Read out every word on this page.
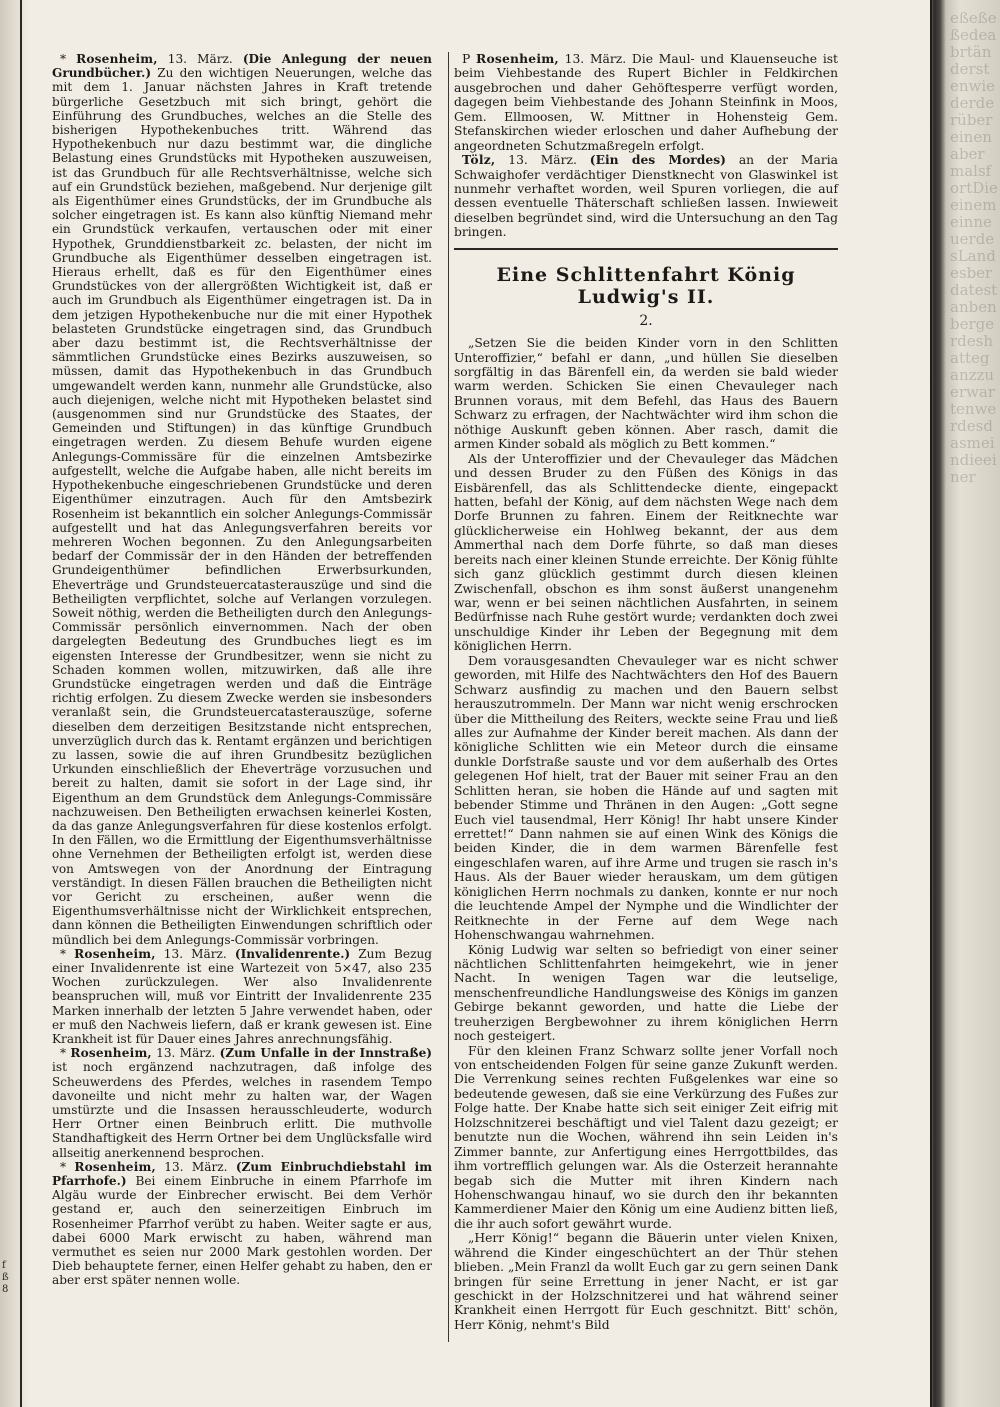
f
ß
8

* Rosenheim, 13. März. (Die Anlegung der neuen Grundbücher.) Zu den wichtigen Neuerungen, welche das mit dem 1. Januar nächsten Jahres in Kraft tretende bürgerliche Gesetzbuch mit sich bringt, gehört die Einführung des Grundbuches, welches an die Stelle des bisherigen Hypothekenbuches tritt. Während das Hypothekenbuch nur dazu bestimmt war, die dingliche Belastung eines Grundstücks mit Hypotheken auszuweisen, ist das Grundbuch für alle Rechtsverhältnisse, welche sich auf ein Grundstück beziehen, maßgebend. Nur derjenige gilt als Eigenthümer eines Grundstücks, der im Grundbuche als solcher eingetragen ist. Es kann also künftig Niemand mehr ein Grundstück verkaufen, vertauschen oder mit einer Hypothek, Grunddienstbarkeit zc. belasten, der nicht im Grundbuche als Eigenthümer desselben eingetragen ist. Hieraus erhellt, daß es für den Eigenthümer eines Grundstückes von der allergrößten Wichtigkeit ist, daß er auch im Grundbuch als Eigenthümer eingetragen ist. Da in dem jetzigen Hypothekenbuche nur die mit einer Hypothek belasteten Grundstücke eingetragen sind, das Grundbuch aber dazu bestimmt ist, die Rechtsverhältnisse der sämmtlichen Grundstücke eines Bezirks auszuweisen, so müssen, damit das Hypothekenbuch in das Grundbuch umgewandelt werden kann, nunmehr alle Grundstücke, also auch diejenigen, welche nicht mit Hypotheken belastet sind (ausgenommen sind nur Grundstücke des Staates, der Gemeinden und Stiftungen) in das künftige Grundbuch eingetragen werden. Zu diesem Behufe wurden eigene Anlegungs-Commissäre für die einzelnen Amtsbezirke aufgestellt, welche die Aufgabe haben, alle nicht bereits im Hypothekenbuche eingeschriebenen Grundstücke und deren Eigenthümer einzutragen. Auch für den Amtsbezirk Rosenheim ist bekanntlich ein solcher Anlegungs-Commissär aufgestellt und hat das Anlegungsverfahren bereits vor mehreren Wochen begonnen. Zu den Anlegungsarbeiten bedarf der Commissär der in den Händen der betreffenden Grundeigenthümer befindlichen Erwerbsurkunden, Eheverträge und Grundsteuercatasterauszüge und sind die Betheiligten verpflichtet, solche auf Verlangen vorzulegen. Soweit nöthig, werden die Betheiligten durch den Anlegungs-Commissär persönlich einvernommen. Nach der oben dargelegten Bedeutung des Grundbuches liegt es im eigensten Interesse der Grundbesitzer, wenn sie nicht zu Schaden kommen wollen, mitzuwirken, daß alle ihre Grundstücke eingetragen werden und daß die Einträge richtig erfolgen. Zu diesem Zwecke werden sie insbesonders veranlaßt sein, die Grundsteuercatasterauszüge, soferne dieselben dem derzeitigen Besitzstande nicht entsprechen, unverzüglich durch das k. Rentamt ergänzen und berichtigen zu lassen, sowie die auf ihren Grundbesitz bezüglichen Urkunden einschließlich der Eheverträge vorzusuchen und bereit zu halten, damit sie sofort in der Lage sind, ihr Eigenthum an dem Grundstück dem Anlegungs-Commissäre nachzuweisen. Den Betheiligten erwachsen keinerlei Kosten, da das ganze Anlegungsverfahren für diese kostenlos erfolgt. In den Fällen, wo die Ermittlung der Eigenthumsverhältnisse ohne Vernehmen der Betheiligten erfolgt ist, werden diese von Amtswegen von der Anordnung der Eintragung verständigt. In diesen Fällen brauchen die Betheiligten nicht vor Gericht zu erscheinen, außer wenn die Eigenthumsverhältnisse nicht der Wirklichkeit entsprechen, dann können die Betheiligten Einwendungen schriftlich oder mündlich bei dem Anlegungs-Commissär vorbringen.

* Rosenheim, 13. März. (Invalidenrente.) Zum Bezug einer Invalidenrente ist eine Wartezeit von 5×47, also 235 Wochen zurückzulegen. Wer also Invalidenrente beanspruchen will, muß vor Eintritt der Invalidenrente 235 Marken innerhalb der letzten 5 Jahre verwendet haben, oder er muß den Nachweis liefern, daß er krank gewesen ist. Eine Krankheit ist für Dauer eines Jahres anrechnungsfähig.

* Rosenheim, 13. März. (Zum Unfalle in der Innstraße) ist noch ergänzend nachzutragen, daß infolge des Scheuwerdens des Pferdes, welches in rasendem Tempo davoneilte und nicht mehr zu halten war, der Wagen umstürzte und die Insassen herausschleuderte, wodurch Herr Ortner einen Beinbruch erlitt. Die muthvolle Standhaftigkeit des Herrn Ortner bei dem Unglücksfalle wird allseitig anerkennend besprochen.

* Rosenheim, 13. März. (Zum Einbruchdiebstahl im Pfarrhofe.) Bei einem Einbruche in einem Pfarrhofe im Algäu wurde der Einbrecher erwischt. Bei dem Verhör gestand er, auch den seinerzeitigen Einbruch im Rosenheimer Pfarrhof verübt zu haben. Weiter sagte er aus, dabei 6000 Mark erwischt zu haben, während man vermuthet es seien nur 2000 Mark gestohlen worden. Der Dieb behauptete ferner, einen Helfer gehabt zu haben, den er aber erst später nennen wolle.

P Rosenheim, 13. März. Die Maul- und Klauenseuche ist beim Viehbestande des Rupert Bichler in Feldkirchen ausgebrochen und daher Gehöftesperre verfügt worden, dagegen beim Viehbestande des Johann Steinfink in Moos, Gem. Ellmoosen, W. Mittner in Hohensteig Gem. Stefanskirchen wieder erloschen und daher Aufhebung der angeordneten Schutzmaßregeln erfolgt.

Tölz, 13. März. (Ein des Mordes) an der Maria Schwaighofer verdächtiger Dienstknecht von Glaswinkel ist nunmehr verhaftet worden, weil Spuren vorliegen, die auf dessen eventuelle Thäterschaft schließen lassen. Inwieweit dieselben begründet sind, wird die Untersuchung an den Tag bringen.

Eine Schlittenfahrt König Ludwig's II.
2.

„Setzen Sie die beiden Kinder vorn in den Schlitten Unteroffizier,“ befahl er dann, „und hüllen Sie dieselben sorgfältig in das Bärenfell ein, da werden sie bald wieder warm werden. Schicken Sie einen Chevauleger nach Brunnen voraus, mit dem Befehl, das Haus des Bauern Schwarz zu erfragen, der Nachtwächter wird ihm schon die nöthige Auskunft geben können. Aber rasch, damit die armen Kinder sobald als möglich zu Bett kommen.“

Als der Unteroffizier und der Chevauleger das Mädchen und dessen Bruder zu den Füßen des Königs in das Eisbärenfell, das als Schlittendecke diente, eingepackt hatten, befahl der König, auf dem nächsten Wege nach dem Dorfe Brunnen zu fahren. Einem der Reitknechte war glücklicherweise ein Hohlweg bekannt, der aus dem Ammerthal nach dem Dorfe führte, so daß man dieses bereits nach einer kleinen Stunde erreichte. Der König fühlte sich ganz glücklich gestimmt durch diesen kleinen Zwischenfall, obschon es ihm sonst äußerst unangenehm war, wenn er bei seinen nächtlichen Ausfahrten, in seinem Bedürfnisse nach Ruhe gestört wurde; verdankten doch zwei unschuldige Kinder ihr Leben der Begegnung mit dem königlichen Herrn.

Dem vorausgesandten Chevauleger war es nicht schwer geworden, mit Hilfe des Nachtwächters den Hof des Bauern Schwarz ausfindig zu machen und den Bauern selbst herauszutrommeln. Der Mann war nicht wenig erschrocken über die Mittheilung des Reiters, weckte seine Frau und ließ alles zur Aufnahme der Kinder bereit machen. Als dann der königliche Schlitten wie ein Meteor durch die einsame dunkle Dorfstraße sauste und vor dem außerhalb des Ortes gelegenen Hof hielt, trat der Bauer mit seiner Frau an den Schlitten heran, sie hoben die Hände auf und sagten mit bebender Stimme und Thränen in den Augen: „Gott segne Euch viel tausendmal, Herr König! Ihr habt unsere Kinder errettet!“ Dann nahmen sie auf einen Wink des Königs die beiden Kinder, die in dem warmen Bärenfelle fest eingeschlafen waren, auf ihre Arme und trugen sie rasch in's Haus. Als der Bauer wieder herauskam, um dem gütigen königlichen Herrn nochmals zu danken, konnte er nur noch die leuchtende Ampel der Nymphe und die Windlichter der Reitknechte in der Ferne auf dem Wege nach Hohenschwangau wahrnehmen.

König Ludwig war selten so befriedigt von einer seiner nächtlichen Schlittenfahrten heimgekehrt, wie in jener Nacht. In wenigen Tagen war die leutselige, menschenfreundliche Handlungsweise des Königs im ganzen Gebirge bekannt geworden, und hatte die Liebe der treuherzigen Bergbewohner zu ihrem königlichen Herrn noch gesteigert.

Für den kleinen Franz Schwarz sollte jener Vorfall noch von entscheidenden Folgen für seine ganze Zukunft werden. Die Verrenkung seines rechten Fußgelenkes war eine so bedeutende gewesen, daß sie eine Verkürzung des Fußes zur Folge hatte. Der Knabe hatte sich seit einiger Zeit eifrig mit Holzschnitzerei beschäftigt und viel Talent dazu gezeigt; er benutzte nun die Wochen, während ihn sein Leiden in's Zimmer bannte, zur Anfertigung eines Herrgottbildes, das ihm vortrefflich gelungen war. Als die Osterzeit herannahte begab sich die Mutter mit ihren Kindern nach Hohenschwangau hinauf, wo sie durch den ihr bekannten Kammerdiener Maier den König um eine Audienz bitten ließ, die ihr auch sofort gewährt wurde.

„Herr König!“ begann die Bäuerin unter vielen Knixen, während die Kinder eingeschüchtert an der Thür stehen blieben. „Mein Franzl da wollt Euch gar zu gern seinen Dank bringen für seine Errettung in jener Nacht, er ist gar geschickt in der Holzschnitzerei und hat während seiner Krankheit einen Herrgott für Euch geschnitzt. Bitt' schön, Herr König, nehmt's Bild

eßeßeßedeabrtänderstenwiederderübereinenabermalsfortDieeinemeinneuerdesLandesberdatestanbenbergerdeshatteganzzuerwartenwerdesdasmeindieeiner
